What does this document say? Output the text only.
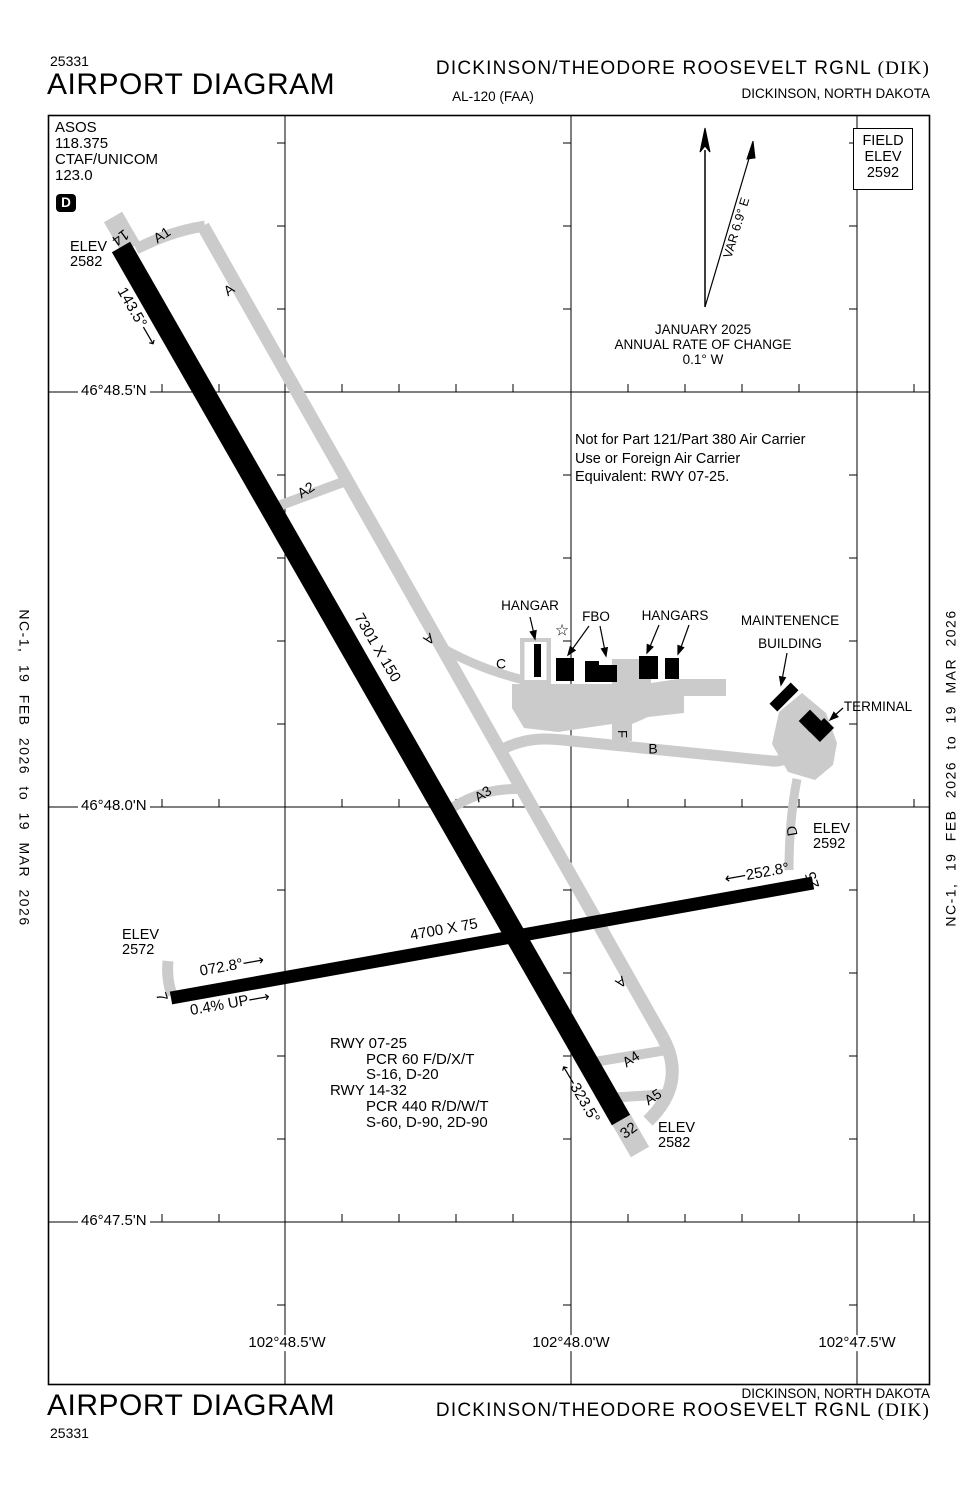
25331
AIRPORT DIAGRAM	DICKINSON/THEODORE ROOSEVELT RGNL (DIK)
AL-120 (FAA)	DICKINSON, NORTH DAKOTA
ASOS
118.375
CTAF/UNICOM
123.0
D
FIELD
ELEV
2592
VAR 6.9° E
JANUARY 2025
ANNUAL RATE OF CHANGE
0.1° W
Not for Part 121/Part 380 Air Carrier
Use or Foreign Air Carrier
Equivalent: RWY 07-25.
46°48.5'N
46°48.0'N
46°47.5'N
102°48.5'W	102°48.0'W	102°47.5'W
ELEV
2582
143.5°⟶
14
7301 X 150
⟵323.5°
32 ELEV
2582
ELEV
2572
072.8°⟶
0.4% UP⟶
7
4700 X 75
⟵252.8° 25
ELEV
2592
A1
A
A2
A
A3
A
A4
A5
B
C
D
F
HANGAR
☆
FBO HANGARS MAINTENENCE
BUILDING
TERMINAL
RWY 07-25
PCR 60 F/D/X/T
S-16, D-20
RWY 14-32
PCR 440 R/D/W/T
S-60, D-90, 2D-90
NC-1, 19 FEB 2026 to 19 MAR 2026	NC-1, 19 FEB 2026 to 19 MAR 2026
DICKINSON, NORTH DAKOTA
DICKINSON/THEODORE ROOSEVELT RGNL (DIK)
AIRPORT DIAGRAM
25331
